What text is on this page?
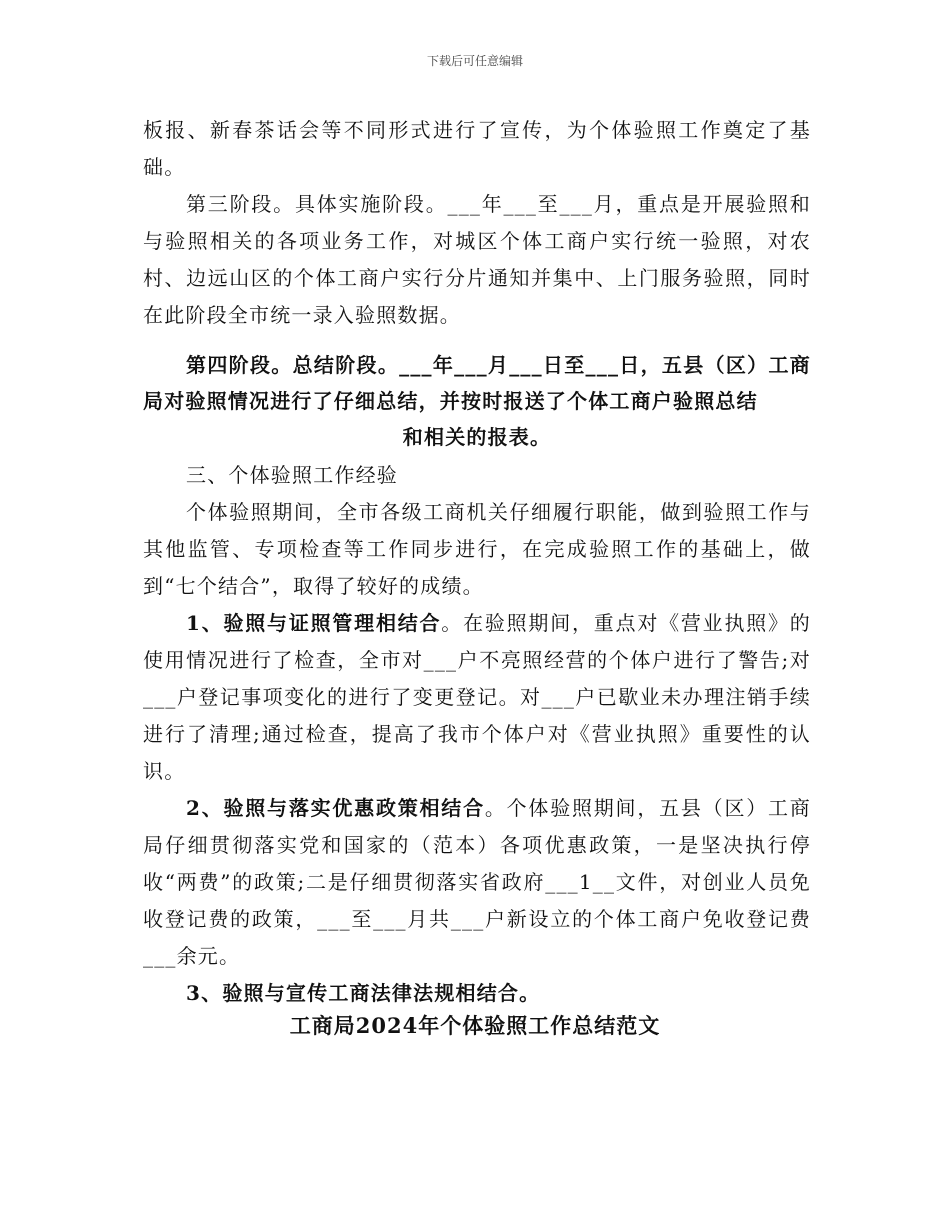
下载后可任意编辑

板报、新春茶话会等不同形式进行了宣传，为个体验照工作奠定了基础。

第三阶段。具体实施阶段。___年___至___月，重点是开展验照和与验照相关的各项业务工作，对城区个体工商户实行统一验照，对农村、边远山区的个体工商户实行分片通知并集中、上门服务验照，同时在此阶段全市统一录入验照数据。

第四阶段。总结阶段。___年___月___日至___日，五县（区）工商局对验照情况进行了仔细总结，并按时报送了个体工商户验照总结

和相关的报表。

三、个体验照工作经验

个体验照期间，全市各级工商机关仔细履行职能，做到验照工作与其他监管、专项检查等工作同步进行，在完成验照工作的基础上，做到“七个结合”，取得了较好的成绩。

1、验照与证照管理相结合。在验照期间，重点对《营业执照》的使用情况进行了检查，全市对___户不亮照经营的个体户进行了警告;对___户登记事项变化的进行了变更登记。对___户已歇业未办理注销手续进行了清理;通过检查，提高了我市个体户对《营业执照》重要性的认识。

2、验照与落实优惠政策相结合。个体验照期间，五县（区）工商局仔细贯彻落实党和国家的（范本）各项优惠政策，一是坚决执行停收“两费”的政策;二是仔细贯彻落实省政府___1__文件，对创业人员免收登记费的政策，___至___月共___户新设立的个体工商户免收登记费___余元。

3、验照与宣传工商法律法规相结合。

工商局2024年个体验照工作总结范文
